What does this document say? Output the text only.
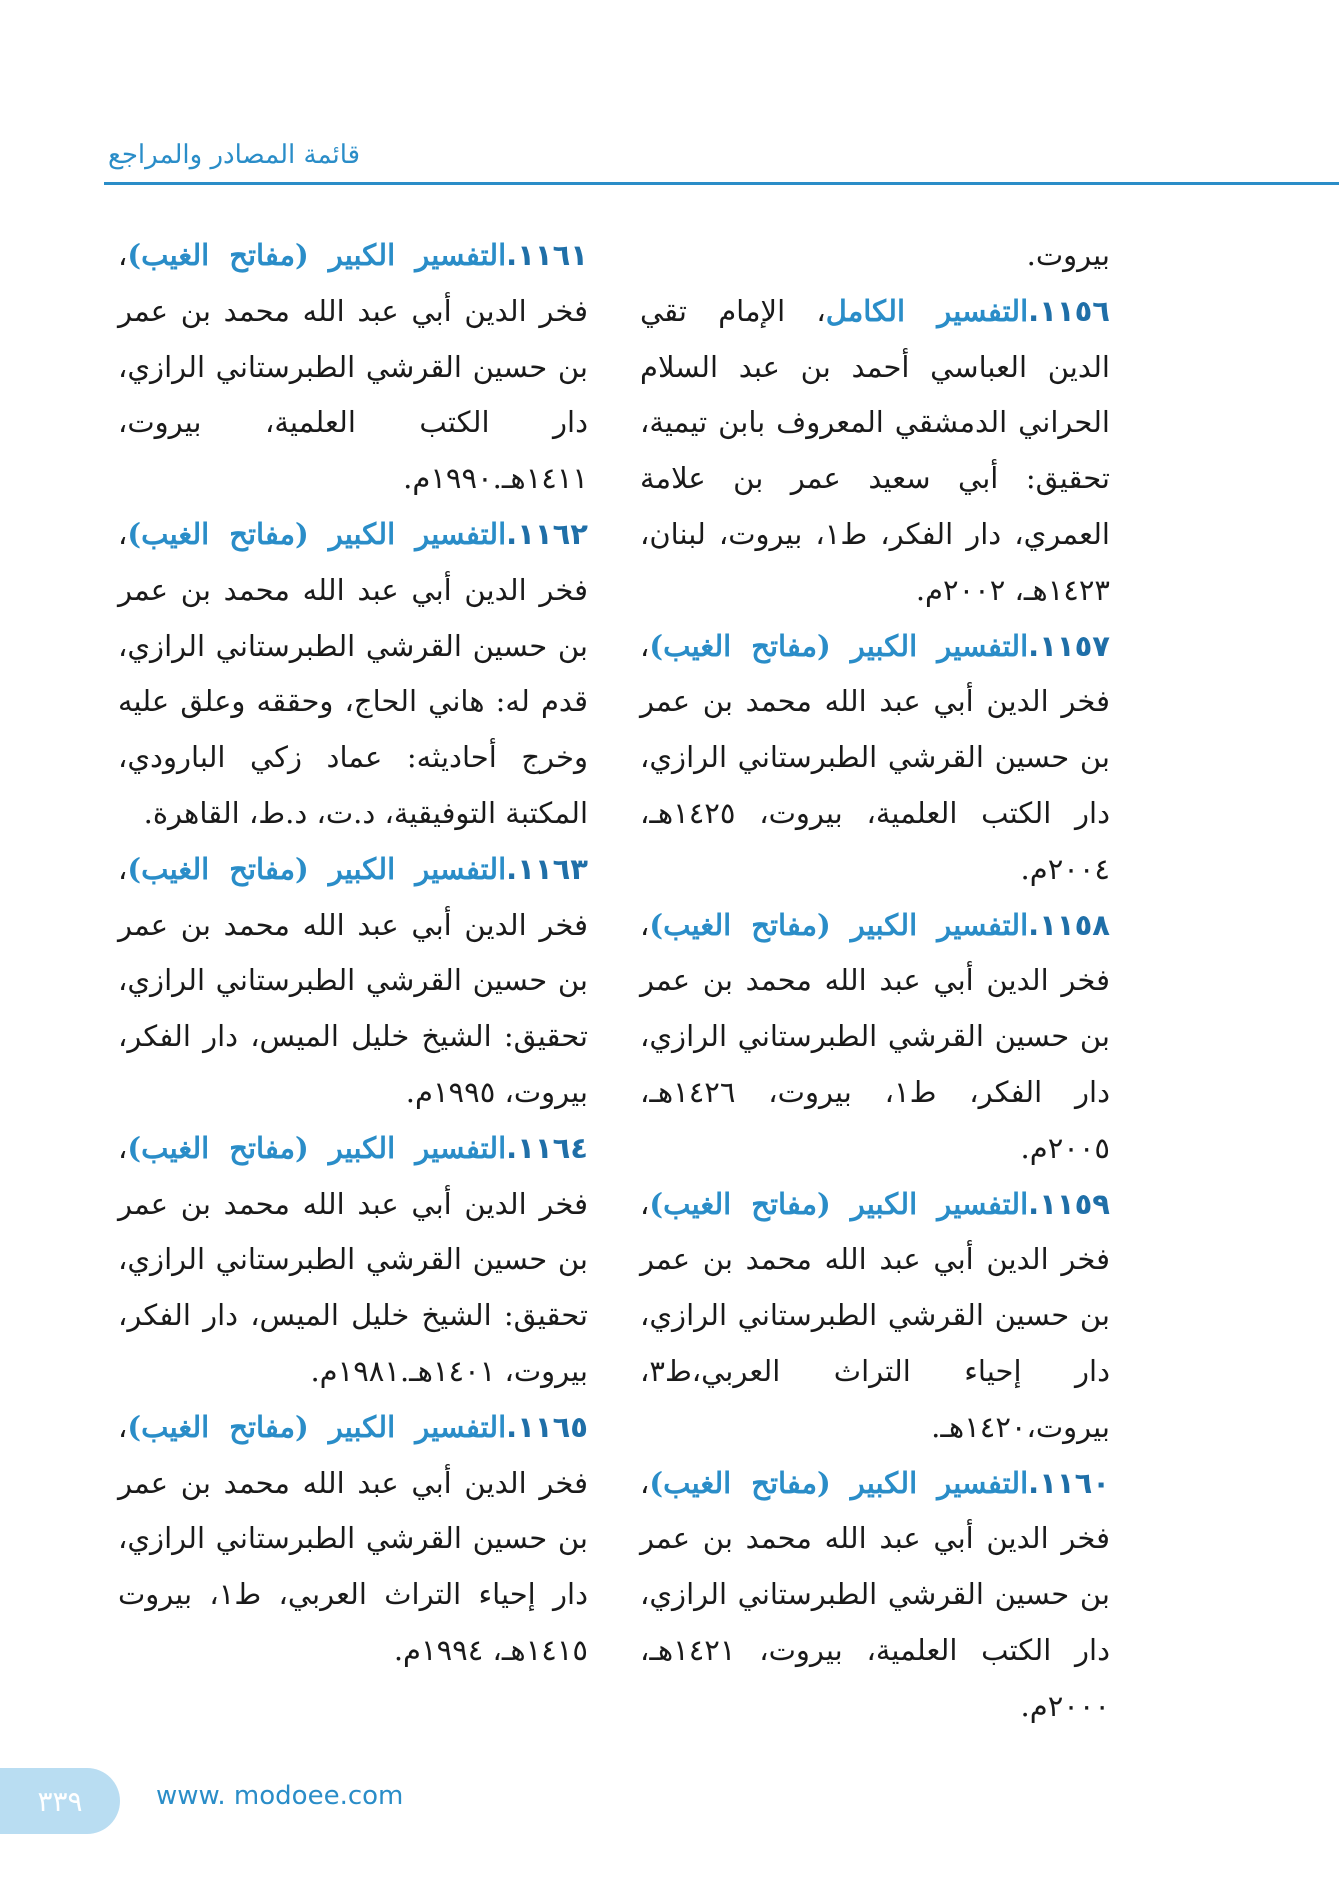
قائمة المصادر والمراجع

بيروت.

١١٥٦.التفسير الكامل، الإمام تقي الدين العباسي أحمد بن عبد السلام الحراني الدمشقي المعروف بابن تيمية، تحقيق: أبي سعيد عمر بن علامة العمري، دار الفكر، ط١، بيروت، لبنان، ١٤٢٣هـ، ٢٠٠٢م.

١١٥٧.التفسير الكبير (مفاتح الغيب)، فخر الدين أبي عبد الله محمد بن عمر بن حسين القرشي الطبرستاني الرازي، دار الكتب العلمية، بيروت، ١٤٢٥هـ، ٢٠٠٤م.

١١٥٨.التفسير الكبير (مفاتح الغيب)، فخر الدين أبي عبد الله محمد بن عمر بن حسين القرشي الطبرستاني الرازي، دار الفكر، ط١، بيروت، ١٤٢٦هـ، ٢٠٠٥م.

١١٥٩.التفسير الكبير (مفاتح الغيب)، فخر الدين أبي عبد الله محمد بن عمر بن حسين القرشي الطبرستاني الرازي، دار إحياء التراث العربي،ط٣، بيروت،١٤٢٠هـ.

١١٦٠.التفسير الكبير (مفاتح الغيب)، فخر الدين أبي عبد الله محمد بن عمر بن حسين القرشي الطبرستاني الرازي، دار الكتب العلمية، بيروت، ١٤٢١هـ، ٢٠٠٠م.

١١٦١.التفسير الكبير (مفاتح الغيب)، فخر الدين أبي عبد الله محمد بن عمر بن حسين القرشي الطبرستاني الرازي، دار الكتب العلمية، بيروت، ١٤١١هـ.١٩٩٠م.

١١٦٢.التفسير الكبير (مفاتح الغيب)، فخر الدين أبي عبد الله محمد بن عمر بن حسين القرشي الطبرستاني الرازي، قدم له: هاني الحاج، وحققه وعلق عليه وخرج أحاديثه: عماد زكي البارودي، المكتبة التوفيقية، د.ت، د.ط، القاهرة.

١١٦٣.التفسير الكبير (مفاتح الغيب)، فخر الدين أبي عبد الله محمد بن عمر بن حسين القرشي الطبرستاني الرازي، تحقيق: الشيخ خليل الميس، دار الفكر، بيروت، ١٩٩٥م.

١١٦٤.التفسير الكبير (مفاتح الغيب)، فخر الدين أبي عبد الله محمد بن عمر بن حسين القرشي الطبرستاني الرازي، تحقيق: الشيخ خليل الميس، دار الفكر، بيروت، ١٤٠١هـ.١٩٨١م.

١١٦٥.التفسير الكبير (مفاتح الغيب)، فخر الدين أبي عبد الله محمد بن عمر بن حسين القرشي الطبرستاني الرازي، دار إحياء التراث العربي، ط١، بيروت ١٤١٥هـ، ١٩٩٤م.

٣٣٩	www. modoee.com
